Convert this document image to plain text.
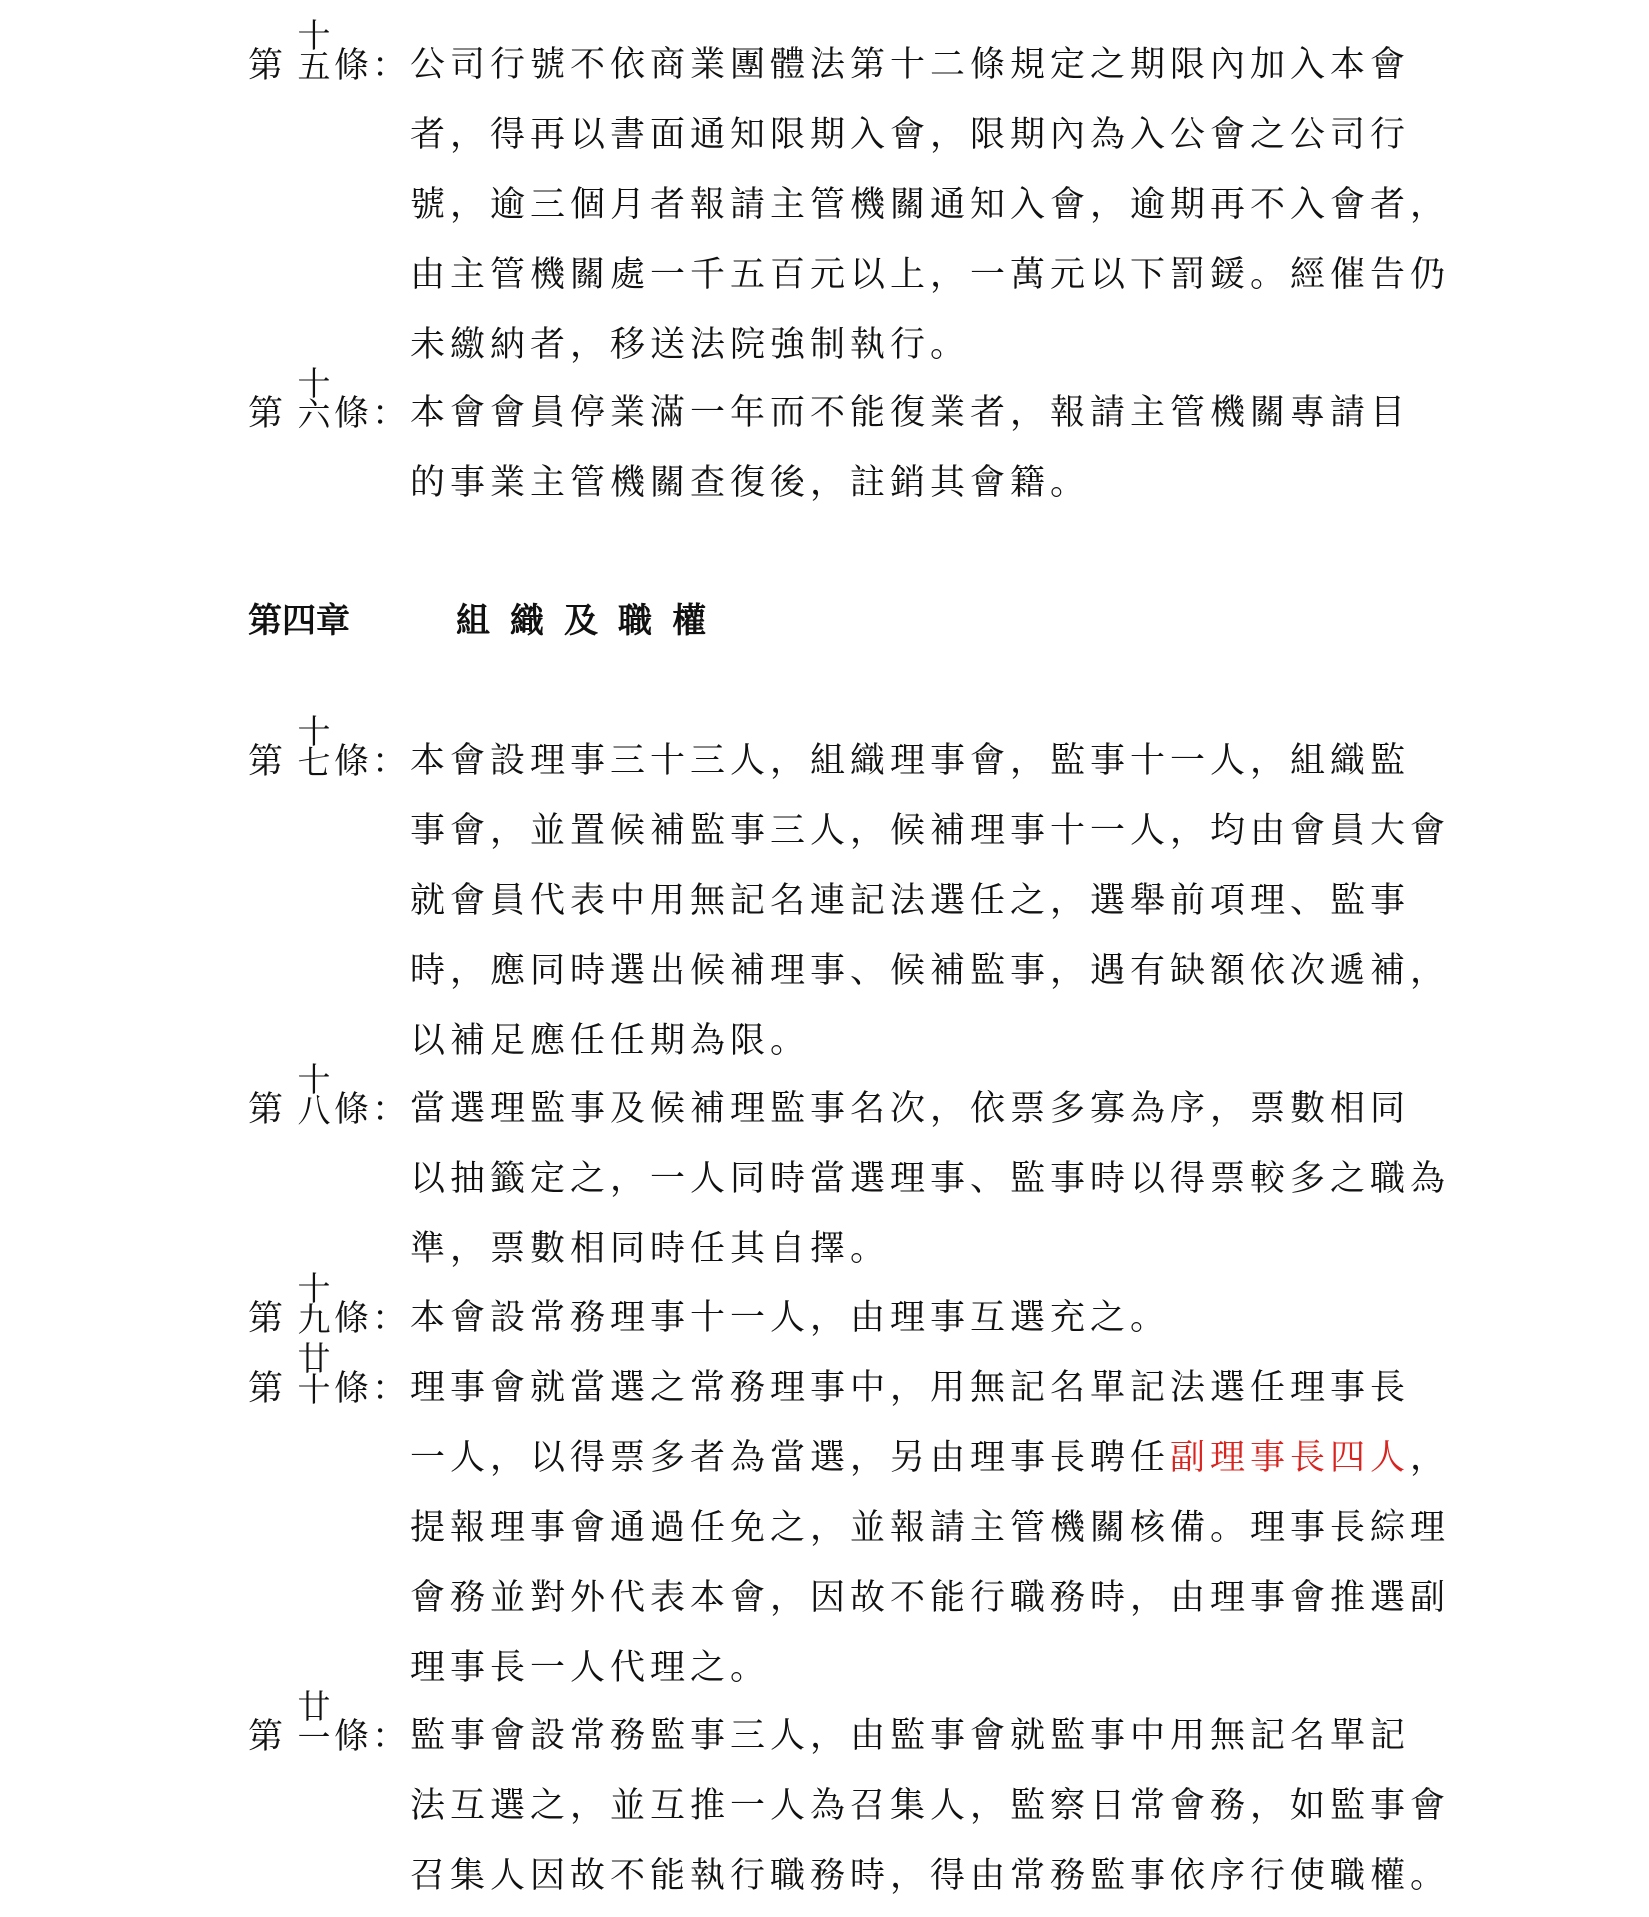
第
十
五 條 ： 公司行號不依商業團體法第十二條規定之期限內加入本會
者，得再以書面通知限期入會，限期內為入公會之公司行
號，逾三個月者報請主管機關通知入會，逾期再不入會者，
由主管機關處一千五百元以上，一萬元以下罰鍰。經催告仍
未繳納者，移送法院強制執行。
第
十
六 條 ： 本會會員停業滿一年而不能復業者，報請主管機關專請目
的事業主管機關查復後，註銷其會籍。
第四章	組織及職權
第
十
七 條 ： 本會設理事三十三人，組織理事會，監事十一人，組織監
事會，並置候補監事三人，候補理事十一人，均由會員大會
就會員代表中用無記名連記法選任之，選舉前項理、監事
時，應同時選出候補理事、候補監事，遇有缺額依次遞補，
以補足應任任期為限。
第
十
八 條 ： 當選理監事及候補理監事名次，依票多寡為序，票數相同
以抽籤定之，一人同時當選理事、監事時以得票較多之職為
準，票數相同時任其自擇。
第
十
九 條 ： 本會設常務理事十一人，由理事互選充之。
第
廿
十 條 ： 理事會就當選之常務理事中，用無記名單記法選任理事長
一人，以得票多者為當選，另由理事長聘任副理事長四人，
提報理事會通過任免之，並報請主管機關核備。理事長綜理
會務並對外代表本會，因故不能行職務時，由理事會推選副
理事長一人代理之。
第
廿
一 條 ： 監事會設常務監事三人，由監事會就監事中用無記名單記
法互選之，並互推一人為召集人，監察日常會務，如監事會
召集人因故不能執行職務時，得由常務監事依序行使職權。
